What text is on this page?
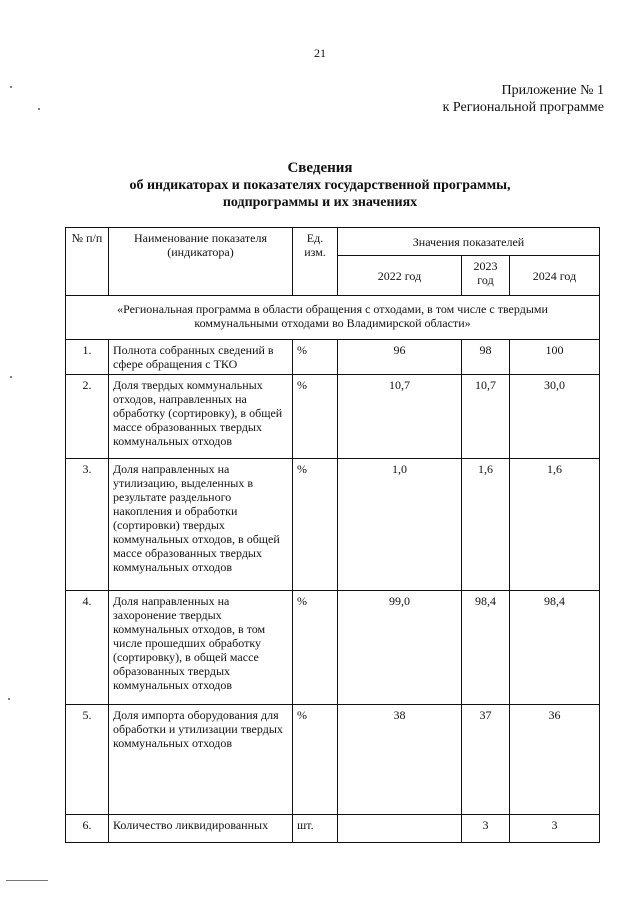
21
Приложение № 1
к Региональной программе
Сведения
об индикаторах и показателях государственной программы,
подпрограммы и их значениях
№ п/п	Наименование показателя (индикатора)	Ед. изм.	Значения показателей		
			2022 год	2023 год	2024 год
«Региональная программа в области обращения с отходами, в том числе с твердыми коммунальными отходами во Владимирской области»					
1.	Полнота собранных сведений в сфере обращения с ТКО	%	96	98	100
2.	Доля твердых коммунальных отходов, направленных на обработку (сортировку), в общей массе образованных твердых коммунальных отходов	%	10,7	10,7	30,0
3.	Доля направленных на утилизацию, выделенных в результате раздельного накопления и обработки (сортировки) твердых коммунальных отходов, в общей массе образованных твердых коммунальных отходов	%	1,0	1,6	1,6
4.	Доля направленных на захоронение твердых коммунальных отходов, в том числе прошедших обработку (сортировку), в общей массе образованных твердых коммунальных отходов	%	99,0	98,4	98,4
5.	Доля импорта оборудования для обработки и утилизации твердых коммунальных отходов	%	38	37	36
6.	Количество ликвидированных	шт.		3	3
